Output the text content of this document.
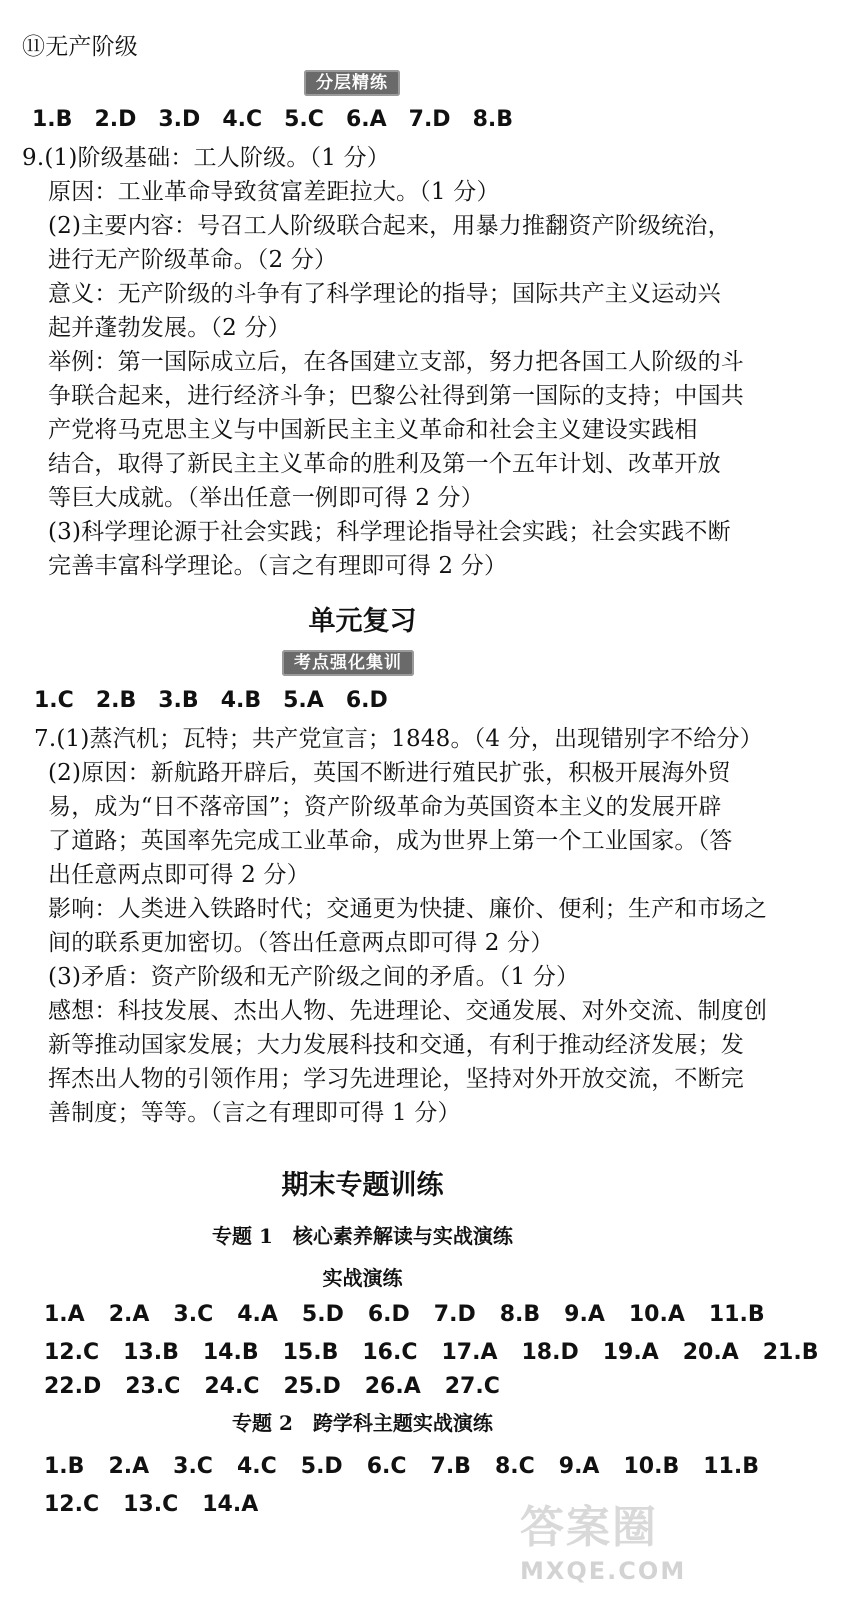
⑪无产阶级
分层精练
1.B 2.D 3.D 4.C 5.C 6.A 7.D 8.B
9.(1)阶级基础：工人阶级。（1 分）
原因：工业革命导致贫富差距拉大。（1 分）
(2)主要内容：号召工人阶级联合起来，用暴力推翻资产阶级统治，
进行无产阶级革命。（2 分）
意义：无产阶级的斗争有了科学理论的指导；国际共产主义运动兴
起并蓬勃发展。（2 分）
举例：第一国际成立后，在各国建立支部，努力把各国工人阶级的斗
争联合起来，进行经济斗争；巴黎公社得到第一国际的支持；中国共
产党将马克思主义与中国新民主主义革命和社会主义建设实践相
结合，取得了新民主主义革命的胜利及第一个五年计划、改革开放
等巨大成就。（举出任意一例即可得 2 分）
(3)科学理论源于社会实践；科学理论指导社会实践；社会实践不断
完善丰富科学理论。（言之有理即可得 2 分）
单元复习
考点强化集训
1.C 2.B 3.B 4.B 5.A 6.D
7.(1)蒸汽机；瓦特；共产党宣言；1848。（4 分，出现错别字不给分）
(2)原因：新航路开辟后，英国不断进行殖民扩张，积极开展海外贸
易，成为“日不落帝国”；资产阶级革命为英国资本主义的发展开辟
了道路；英国率先完成工业革命，成为世界上第一个工业国家。（答
出任意两点即可得 2 分）
影响：人类进入铁路时代；交通更为快捷、廉价、便利；生产和市场之
间的联系更加密切。（答出任意两点即可得 2 分）
(3)矛盾：资产阶级和无产阶级之间的矛盾。（1 分）
感想：科技发展、杰出人物、先进理论、交通发展、对外交流、制度创
新等推动国家发展；大力发展科技和交通，有利于推动经济发展；发
挥杰出人物的引领作用；学习先进理论，坚持对外开放交流，不断完
善制度；等等。（言之有理即可得 1 分）
期末专题训练
专题 1　核心素养解读与实战演练
实战演练
1.A 2.A 3.C 4.A 5.D 6.D 7.D 8.B 9.A 10.A 11.B
12.C 13.B 14.B 15.B 16.C 17.A 18.D 19.A 20.A 21.B
22.D 23.C 24.C 25.D 26.A 27.C
专题 2　跨学科主题实战演练
1.B 2.A 3.C 4.C 5.D 6.C 7.B 8.C 9.A 10.B 11.B
12.C 13.C 14.A	答案圈
MXQE.COM
